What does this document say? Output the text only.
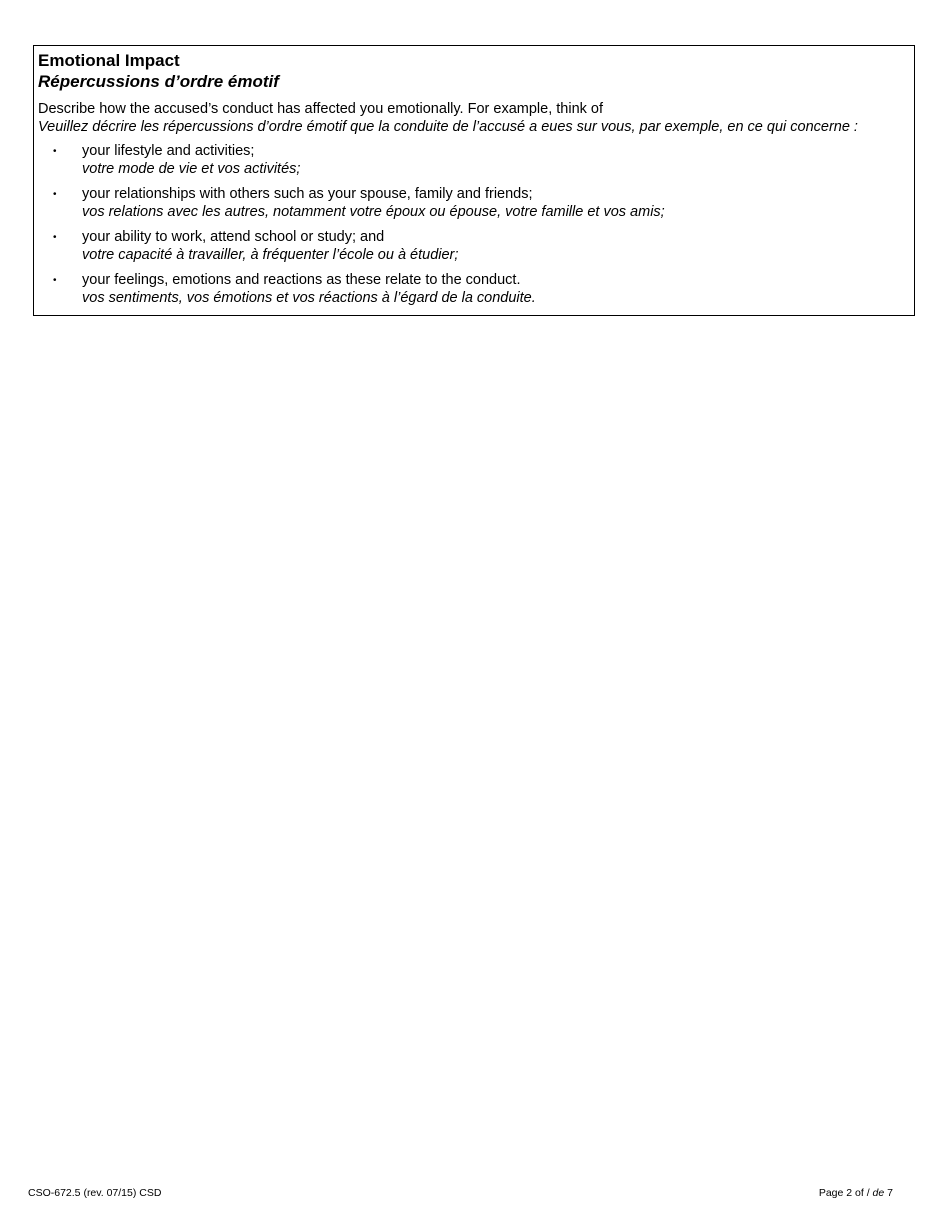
Emotional Impact
Répercussions d’ordre émotif
Describe how the accused’s conduct has affected you emotionally. For example, think of
Veuillez décrire les répercussions d’ordre émotif que la conduite de l’accusé a eues sur vous, par exemple, en ce qui concerne :
• your lifestyle and activities;
votre mode de vie et vos activités;
• your relationships with others such as your spouse, family and friends;
vos relations avec les autres, notamment votre époux ou épouse, votre famille et vos amis;
• your ability to work, attend school or study; and
votre capacité à travailler, à fréquenter l’école ou à étudier;
• your feelings, emotions and reactions as these relate to the conduct.
vos sentiments, vos émotions et vos réactions à l’égard de la conduite.
CSO-672.5 (rev. 07/15) CSD	Page 2 of / de 7
